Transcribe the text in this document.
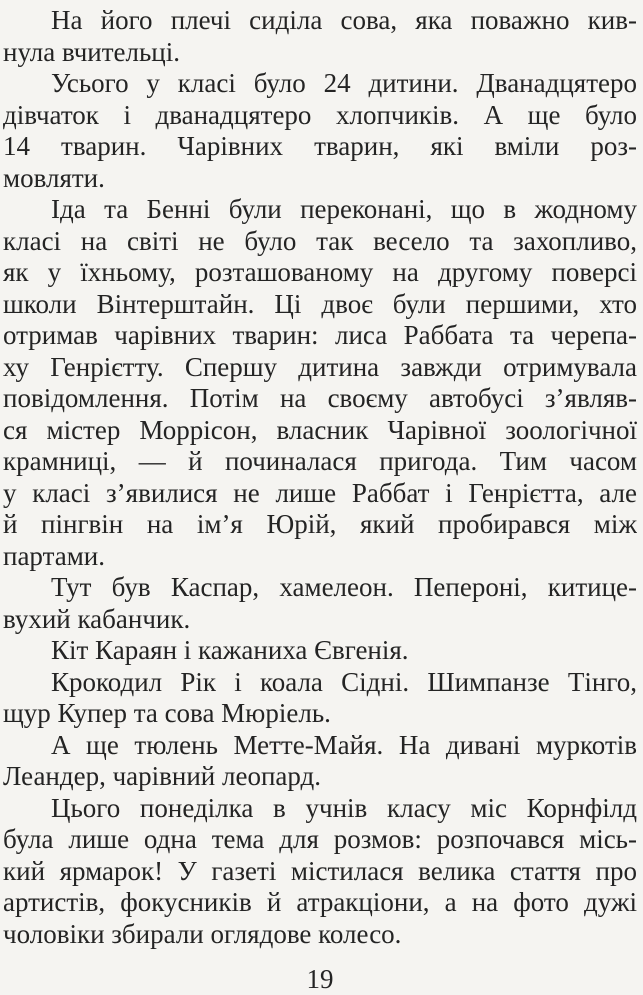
На його плечі сиділа сова, яка поважно кив-
нула вчительці.

Усього у класі було 24 дитини. Дванадцятеро
дівчаток і дванадцятеро хлопчиків. А ще було
14 тварин. Чарівних тварин, які вміли роз-
мовляти.

Іда та Бенні були переконані, що в жодному
класі на світі не було так весело та захопливо,
як у їхньому, розташованому на другому поверсі
школи Вінтерштайн. Ці двоє були першими, хто
отримав чарівних тварин: лиса Раббата та черепа-
ху Генрієтту. Спершу дитина завжди отримувала
повідомлення. Потім на своєму автобусі з’являв-
ся містер Моррісон, власник Чарівної зоологічної
крамниці, — й починалася пригода. Тим часом
у класі з’явилися не лише Раббат і Генрієтта, але
й пінгвін на ім’я Юрій, який пробирався між
партами.

Тут був Каспар, хамелеон. Пепероні, китице-
вухий кабанчик.

Кіт Караян і кажаниха Євгенія.

Крокодил Рік і коала Сідні. Шимпанзе Тінго,
щур Купер та сова Мюріель.

А ще тюлень Метте-Майя. На дивані муркотів
Леандер, чарівний леопард.

Цього понеділка в учнів класу міс Корнфілд
була лише одна тема для розмов: розпочався місь-
кий ярмарок! У газеті містилася велика стаття про
артистів, фокусників й атракціони, а на фото дужі
чоловіки збирали оглядове колесо.

19
